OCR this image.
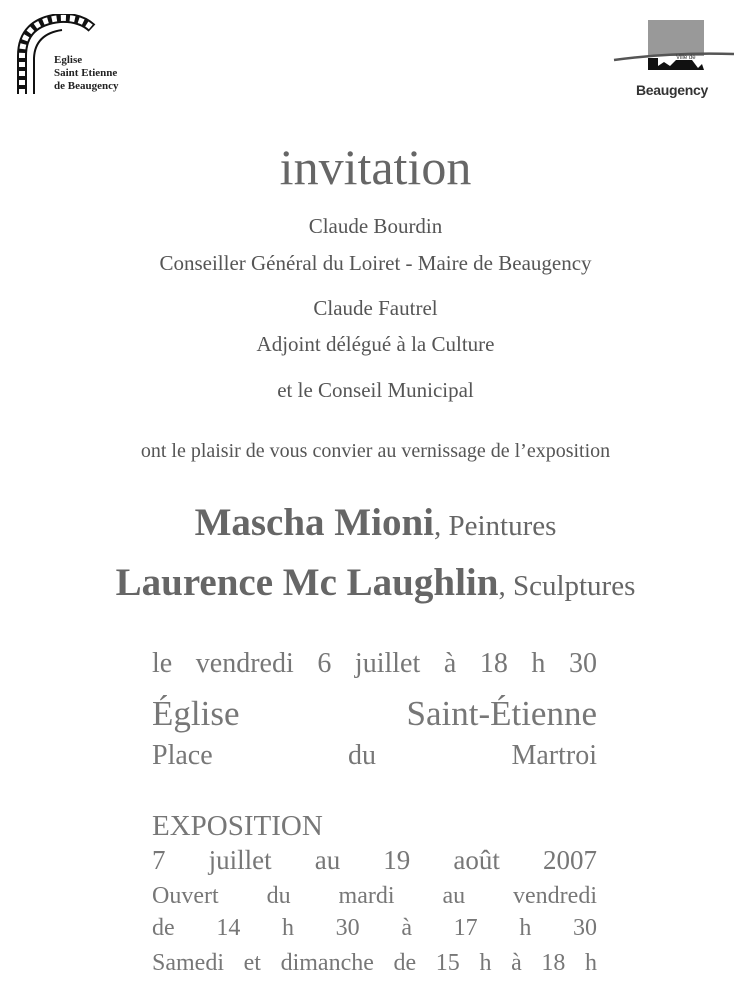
Eglise
Saint Etienne
de Beaugency
Ville de
Beaugency
invitation
Claude Bourdin
Conseiller Général du Loiret - Maire de Beaugency
Claude Fautrel
Adjoint délégué à la Culture
et le Conseil Municipal
ont le plaisir de vous convier au vernissage de l’exposition
Mascha Mioni, Peintures
Laurence Mc Laughlin, Sculptures
le vendredi 6 juillet à 18 h 30
Église Saint-Étienne
Place du Martroi
EXPOSITION
7 juillet au 19 août 2007
Ouvert du mardi au vendredi
de 14 h 30 à 17 h 30
Samedi et dimanche de 15 h à 18 h
